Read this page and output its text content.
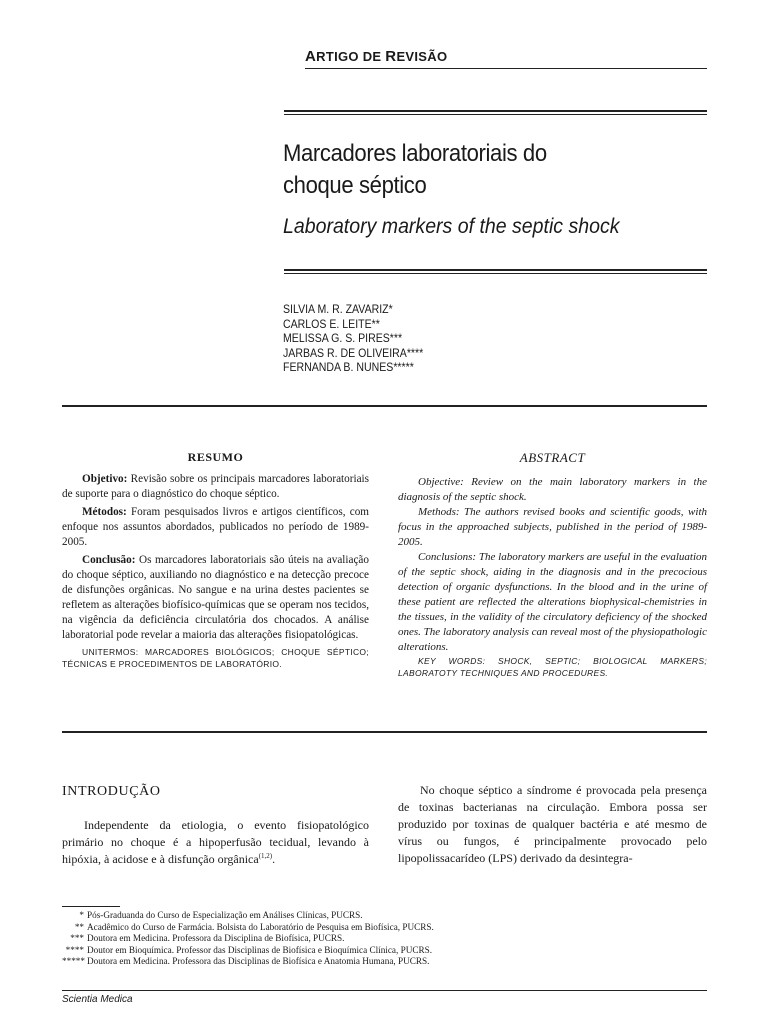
ARTIGO DE REVISÃO
Marcadores laboratoriais do
choque séptico
Laboratory markers of the septic shock
SILVIA M. R. ZAVARIZ*
CARLOS E. LEITE**
MELISSA G. S. PIRES***
JARBAS R. DE OLIVEIRA****
FERNANDA B. NUNES*****
RESUMO

Objetivo: Revisão sobre os principais marcadores laboratoriais de suporte para o diagnóstico do choque séptico.

Métodos: Foram pesquisados livros e artigos científicos, com enfoque nos assuntos abordados, publicados no período de 1989-2005.

Conclusão: Os marcadores laboratoriais são úteis na avaliação do choque séptico, auxiliando no diagnóstico e na detecção precoce de disfunções orgânicas. No sangue e na urina destes pacientes se refletem as alterações biofísico-químicas que se operam nos tecidos, na vigência da deficiência circulatória dos chocados. A análise laboratorial pode revelar a maioria das alterações fisiopatológicas.

UNITERMOS: MARCADORES BIOLÓGICOS; CHOQUE SÉPTICO; TÉCNICAS E PROCEDIMENTOS DE LABORATÓRIO.

ABSTRACT

Objective: Review on the main laboratory markers in the diagnosis of the septic shock.

Methods: The authors revised books and scientific goods, with focus in the approached subjects, published in the period of 1989-2005.

Conclusions: The laboratory markers are useful in the evaluation of the septic shock, aiding in the diagnosis and in the precocious detection of organic dysfunctions. In the blood and in the urine of these patient are reflected the alterations biophysical-chemistries in the tissues, in the validity of the circulatory deficiency of the shocked ones. The laboratory analysis can reveal most of the physiopathologic alterations.

KEY WORDS: SHOCK, SEPTIC; BIOLOGICAL MARKERS; LABORATOTY TECHNIQUES AND PROCEDURES.

INTRODUÇÃO

Independente da etiologia, o evento fisiopatológico primário no choque é a hipoperfusão tecidual, levando à hipóxia, à acidose e à disfunção orgânica$^{(1,2)}$.

No choque séptico a síndrome é provocada pela presença de toxinas bacterianas na circulação. Embora possa ser produzido por toxinas de qualquer bactéria e até mesmo de vírus ou fungos, é principalmente provocado pelo lipopolissacarídeo (LPS) derivado da desintegra-

* Pós-Graduanda do Curso de Especialização em Análises Clínicas, PUCRS.
** Acadêmico do Curso de Farmácia. Bolsista do Laboratório de Pesquisa em Biofísica, PUCRS.
*** Doutora em Medicina. Professora da Disciplina de Biofísica, PUCRS.
**** Doutor em Bioquímica. Professor das Disciplinas de Biofísica e Bioquímica Clínica, PUCRS.
***** Doutora em Medicina. Professora das Disciplinas de Biofísica e Anatomia Humana, PUCRS.
Scientia Medica
